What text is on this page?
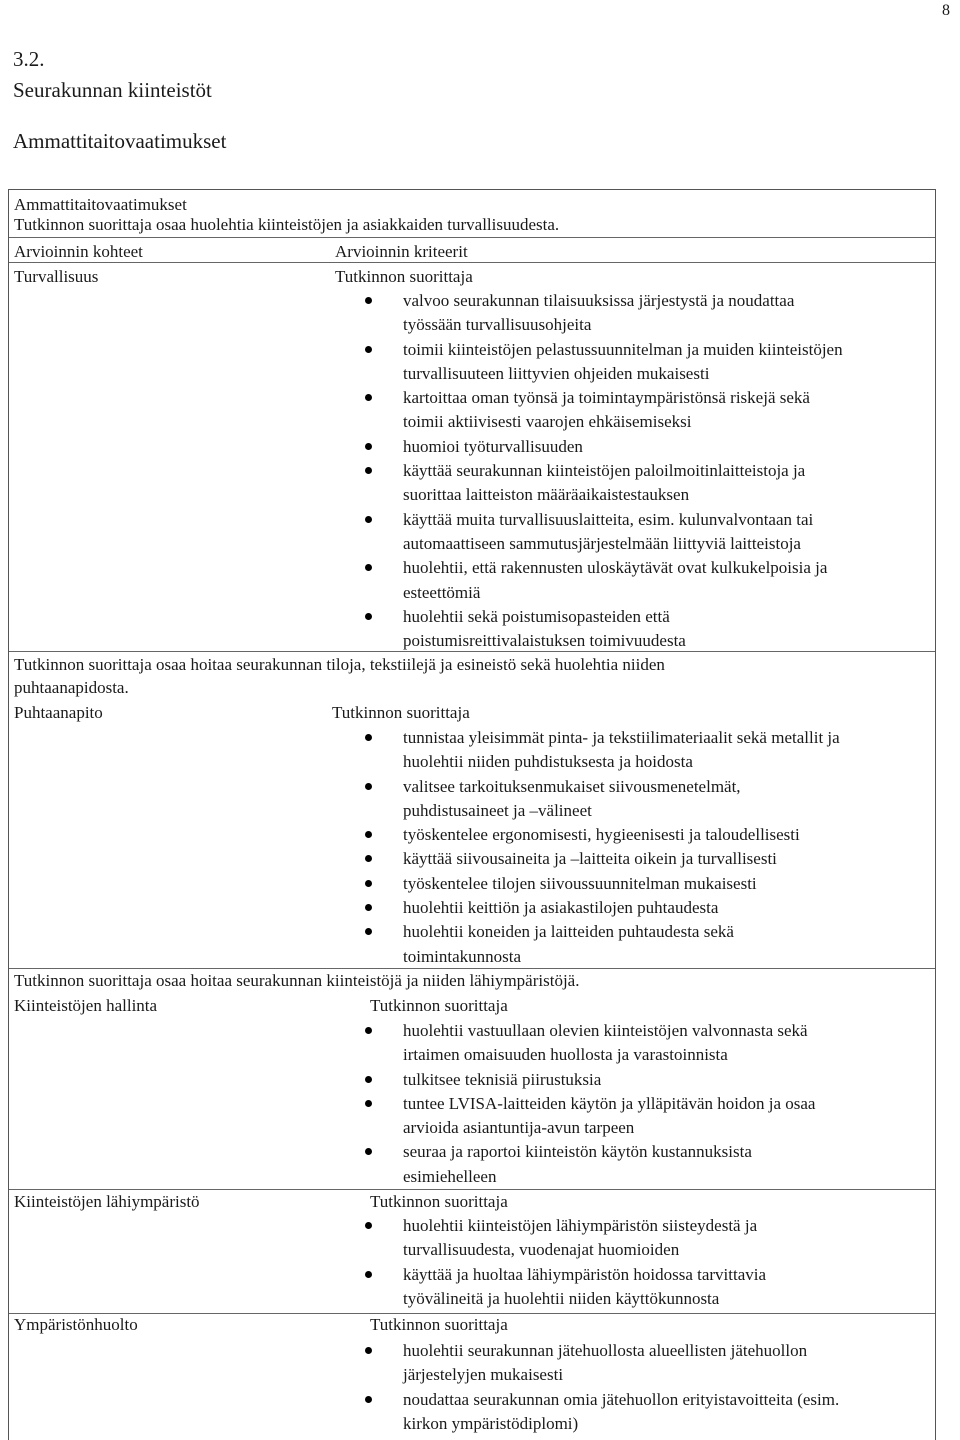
8
3.2.
Seurakunnan kiinteistöt
Ammattitaitovaatimukset
Ammattitaitovaatimukset
Tutkinnon suorittaja osaa huolehtia kiinteistöjen ja asiakkaiden turvallisuudesta.
Arvioinnin kohteet	Arvioinnin kriteerit
Turvallisuus	Tutkinnon suorittaja
valvoo seurakunnan tilaisuuksissa järjestystä ja noudattaa
työssään turvallisuusohjeita
toimii kiinteistöjen pelastussuunnitelman ja muiden kiinteistöjen
turvallisuuteen liittyvien ohjeiden mukaisesti
kartoittaa oman työnsä ja toimintaympäristönsä riskejä sekä
toimii aktiivisesti vaarojen ehkäisemiseksi
huomioi työturvallisuuden
käyttää seurakunnan kiinteistöjen paloilmoitinlaitteistoja ja
suorittaa laitteiston määräaikaistestauksen
käyttää muita turvallisuuslaitteita, esim. kulunvalvontaan tai
automaattiseen sammutusjärjestelmään liittyviä laitteistoja
huolehtii, että rakennusten uloskäytävät ovat kulkukelpoisia ja
esteettömiä
huolehtii sekä poistumisopasteiden että
poistumisreittivalaistuksen toimivuudesta
Tutkinnon suorittaja osaa hoitaa seurakunnan tiloja, tekstiilejä ja esineistö sekä huolehtia niiden
puhtaanapidosta.
Puhtaanapito	Tutkinnon suorittaja
tunnistaa yleisimmät pinta- ja tekstiilimateriaalit sekä metallit ja
huolehtii niiden puhdistuksesta ja hoidosta
valitsee tarkoituksenmukaiset siivousmenetelmät,
puhdistusaineet ja –välineet
työskentelee ergonomisesti, hygieenisesti ja taloudellisesti
käyttää siivousaineita ja –laitteita oikein ja turvallisesti
työskentelee tilojen siivoussuunnitelman mukaisesti
huolehtii keittiön ja asiakastilojen puhtaudesta
huolehtii koneiden ja laitteiden puhtaudesta sekä
toimintakunnosta
Tutkinnon suorittaja osaa hoitaa seurakunnan kiinteistöjä ja niiden lähiympäristöjä.
Kiinteistöjen hallinta	Tutkinnon suorittaja
huolehtii vastuullaan olevien kiinteistöjen valvonnasta sekä
irtaimen omaisuuden huollosta ja varastoinnista
tulkitsee teknisiä piirustuksia
tuntee LVISA-laitteiden käytön ja ylläpitävän hoidon ja osaa
arvioida asiantuntija-avun tarpeen
seuraa ja raportoi kiinteistön käytön kustannuksista
esimiehelleen
Kiinteistöjen lähiympäristö	Tutkinnon suorittaja
huolehtii kiinteistöjen lähiympäristön siisteydestä ja
turvallisuudesta, vuodenajat huomioiden
käyttää ja huoltaa lähiympäristön hoidossa tarvittavia
työvälineitä ja huolehtii niiden käyttökunnosta
Ympäristönhuolto	Tutkinnon suorittaja
huolehtii seurakunnan jätehuollosta alueellisten jätehuollon
järjestelyjen mukaisesti
noudattaa seurakunnan omia jätehuollon erityistavoitteita (esim.
kirkon ympäristödiplomi)
